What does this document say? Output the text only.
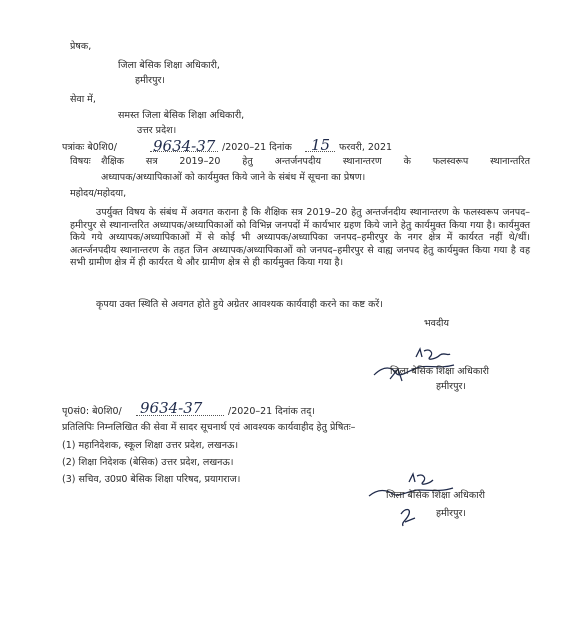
प्रेषक,
जिला बेसिक शिक्षा अधिकारी,
हमीरपुर।
सेवा में,
समस्त जिला बेसिक शिक्षा अधिकारी,
उत्तर प्रदेश।
पत्रांकः बे0शि0/ 9634-37 /2020–21 दिनांक 15 फरवरी, 2021
विषयः शैक्षिक सत्र 2019–20 हेतु अन्तर्जनपदीय स्थानान्तरण के फलस्वरूप स्थानान्तरित
अध्यापक/अध्यापिकाओं को कार्यमुक्त किये जाने के संबंध में सूचना का प्रेषण।
महोदय/महोदया,
उपर्युक्त विषय के संबंध में अवगत कराना है कि शैक्षिक सत्र 2019–20 हेतु अन्तर्जनदीय स्थानान्तरण के फलस्वरूप जनपद–हमीरपुर से स्थानान्तरित अध्यापक/अध्यापिकाओं को विभिन्न जनपदों में कार्यभार ग्रहण किये जाने हेतु कार्यमुक्त किया गया है। कार्यमुक्त किये गये अध्यापक/अध्यापिकाओं में से कोई भी अध्यापक/अध्यापिका जनपद–हमीरपुर के नगर क्षेत्र में कार्यरत नहीं थे/थीं। अतर्न्जनपदीय स्थानान्तरण के तहत जिन अध्यापक/अध्यापिकाओं को जनपद–हमीरपुर से वाह्य जनपद हेतु कार्यमुक्त किया गया है वह सभी ग्रामीण क्षेत्र में ही कार्यरत थे और ग्रामीण क्षेत्र से ही कार्यमुक्त किया गया है।
कृपया उक्त स्थिति से अवगत होते हुये अग्रेतर आवश्यक कार्यवाही करने का कष्ट करें।
भवदीय
जिला बेसिक शिक्षा अधिकारी
हमीरपुर।
पृ0सं0: बे0शि0/ 9634-37	/2020–21 दिनांक तद्।
प्रतिलिपिः निम्नलिखित की सेवा में सादर सूचनार्थ एवं आवश्यक कार्यवाहीद हेतु प्रेषितः–
(1) महानिदेशक, स्कूल शिक्षा उत्तर प्रदेश, लखनऊ।
(2) शिक्षा निदेशक (बेसिक) उत्तर प्रदेश, लखनऊ।
(3) सचिव, उ0प्र0 बेसिक शिक्षा परिषद, प्रयागराज।
जिला बेसिक शिक्षा अधिकारी
हमीरपुर।
